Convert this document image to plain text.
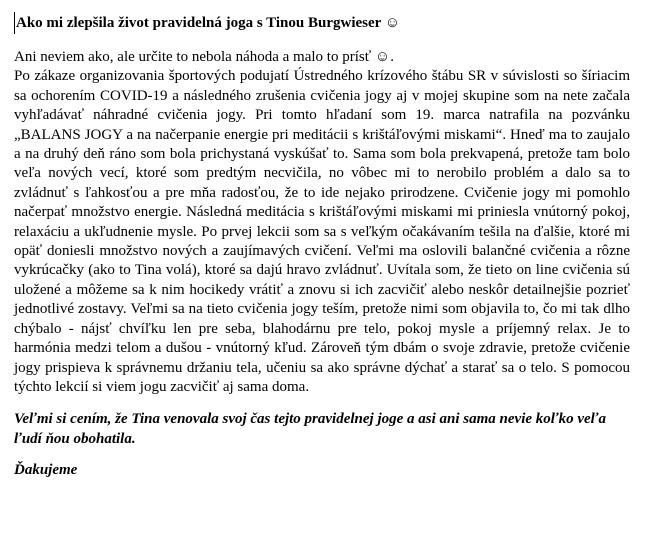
Ako mi zlepšila život pravidelná joga s Tinou Burgwieser ☺

Ani neviem ako, ale určite to nebola náhoda a malo to prísť ☺.
Po zákaze organizovania športových podujatí Ústredného krízového štábu SR v súvislosti so šíriacim sa ochorením COVID-19 a následného zrušenia cvičenia jogy aj v mojej skupine som na nete začala vyhľadávať náhradné cvičenia jogy. Pri tomto hľadaní som 19. marca natrafila na pozvánku „BALANS JOGY a na načerpanie energie pri meditácii s krištáľovými miskami“. Hneď ma to zaujalo a na druhý deň ráno som bola prichystaná vyskúšať to. Sama som bola prekvapená, pretože tam bolo veľa nových vecí, ktoré som predtým necvičila, no vôbec mi to nerobilo problém a dalo sa to zvládnuť s ľahkosťou a pre mňa radosťou, že to ide nejako prirodzene. Cvičenie jogy mi pomohlo načerpať množstvo energie. Následná meditácia s krištáľovými miskami mi priniesla vnútorný pokoj, relaxáciu a ukľudnenie mysle. Po prvej lekcii som sa s veľkým očakávaním tešila na ďalšie, ktoré mi opäť doniesli množstvo nových a zaujímavých cvičení. Veľmi ma oslovili balančné cvičenia a rôzne vykrúcačky (ako to Tina volá), ktoré sa dajú hravo zvládnuť. Uvítala som, že tieto on line cvičenia sú uložené a môžeme sa k nim hocikedy vrátiť a znovu si ich zacvičiť alebo neskôr detailnejšie pozrieť jednotlivé zostavy. Veľmi sa na tieto cvičenia jogy teším, pretože nimi som objavila to, čo mi tak dlho chýbalo - nájsť chvíľku len pre seba, blahodárnu pre telo, pokoj mysle a príjemný relax. Je to harmónia medzi telom a dušou - vnútorný kľud. Zároveň tým dbám o svoje zdravie, pretože cvičenie jogy prispieva k správnemu držaniu tela, učeniu sa ako správne dýchať a starať sa o telo. S pomocou týchto lekcií si viem jogu zacvičiť aj sama doma.

Veľmi si cením, že Tina venovala svoj čas tejto pravidelnej joge a asi ani sama nevie koľko veľa ľudí ňou obohatila.

Ďakujeme
